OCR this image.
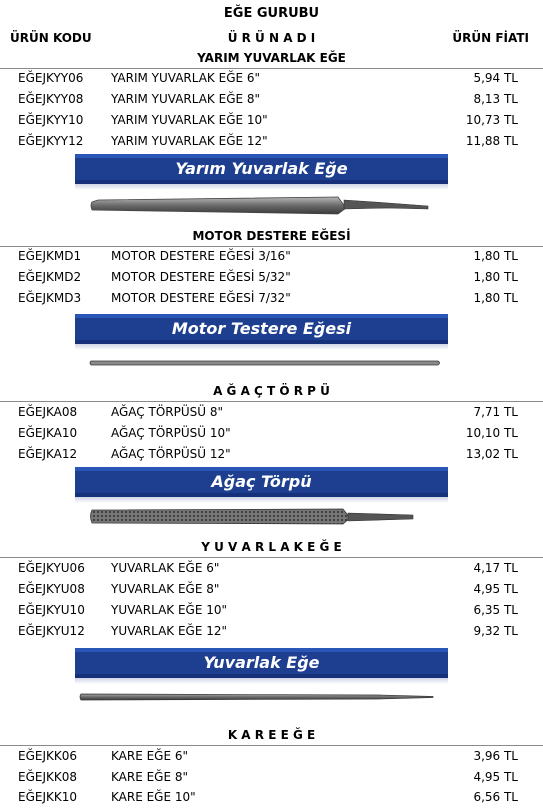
EĞE GURUBU
ÜRÜN KODU	Ü R Ü N A D I	ÜRÜN FİATI
YARIM YUVARLAK EĞE
EĞEJKYY06 YARIM YUVARLAK EĞE 6"	5,94 TL
EĞEJKYY08 YARIM YUVARLAK EĞE 8"	8,13 TL
EĞEJKYY10 YARIM YUVARLAK EĞE 10"	10,73 TL
EĞEJKYY12 YARIM YUVARLAK EĞE 12"	11,88 TL
Yarım Yuvarlak Eğe
MOTOR DESTERE EĞESİ
EĞEJKMD1 MOTOR DESTERE EĞESİ 3/16"	1,80 TL
EĞEJKMD2 MOTOR DESTERE EĞESİ 5/32"	1,80 TL
EĞEJKMD3 MOTOR DESTERE EĞESİ 7/32"	1,80 TL
Motor Testere Eğesi
A Ğ A Ç T Ö R P Ü
EĞEJKA08	AĞAÇ TÖRPÜSÜ 8"	7,71 TL
EĞEJKA10	AĞAÇ TÖRPÜSÜ 10"	10,10 TL
EĞEJKA12	AĞAÇ TÖRPÜSÜ 12"	13,02 TL
Ağaç Törpü
Y U V A R L A K E Ğ E
EĞEJKYU06 YUVARLAK EĞE 6"	4,17 TL
EĞEJKYU08 YUVARLAK EĞE 8"	4,95 TL
EĞEJKYU10 YUVARLAK EĞE 10"	6,35 TL
EĞEJKYU12 YUVARLAK EĞE 12"	9,32 TL
Yuvarlak Eğe
K A R E E Ğ E
EĞEJKK06	KARE EĞE 6"	3,96 TL
EĞEJKK08	KARE EĞE 8"	4,95 TL
EĞEJKK10	KARE EĞE 10"	6,56 TL
